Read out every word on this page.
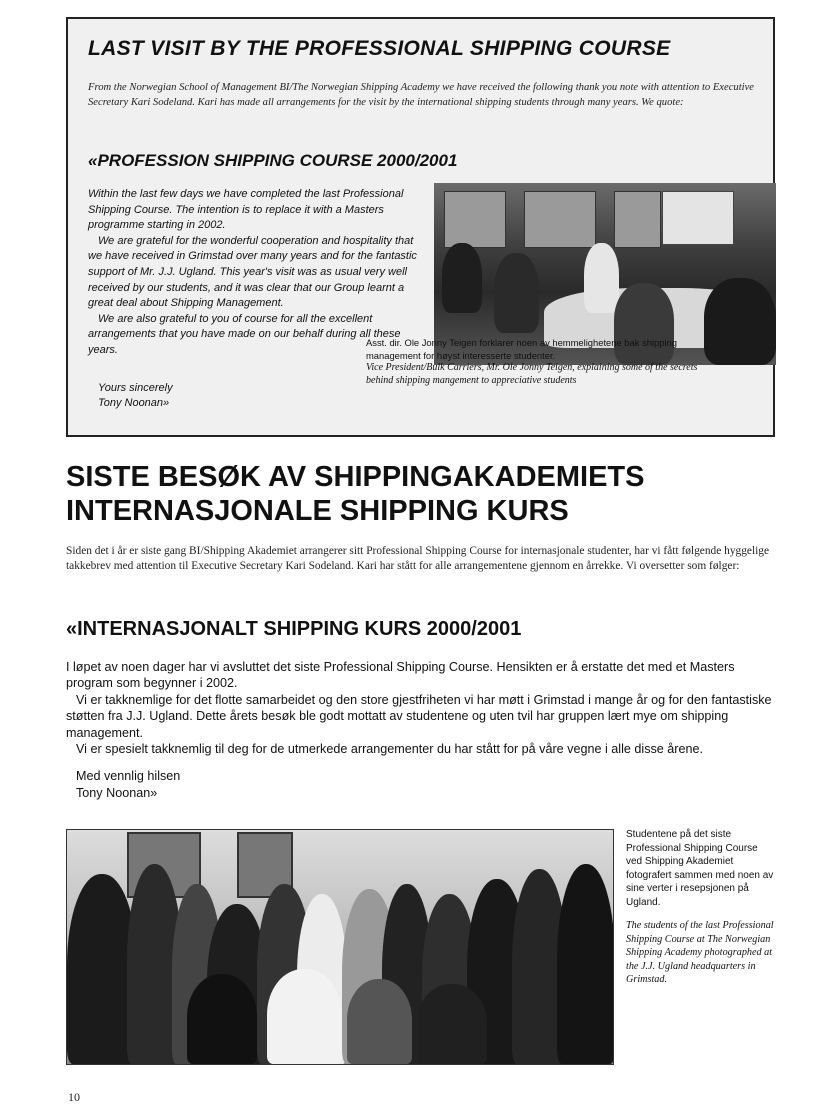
LAST VISIT BY THE PROFESSIONAL SHIPPING COURSE

From the Norwegian School of Management BI/The Norwegian Shipping Academy we have received the following thank you note with attention to Executive Secretary Kari Sodeland. Kari has made all arrangements for the visit by the international shipping students through many years. We quote:

«PROFESSION SHIPPING COURSE 2000/2001

Within the last few days we have completed the last Professional Shipping Course. The intention is to replace it with a Masters programme starting in 2002.

We are grateful for the wonderful cooperation and hospitality that we have received in Grimstad over many years and for the fantastic support of Mr. J.J. Ugland. This year's visit was as usual very well received by our students, and it was clear that our Group learnt a great deal about Shipping Management.

We are also grateful to you of course for all the excellent arrangements that you have made on our behalf during all these years.

Yours sincerely

Tony Noonan»

Asst. dir. Ole Jonny Teigen forklarer noen av hemmelighetene bak shipping management for høyst interesserte studenter.

Vice President/Bulk Carriers, Mr. Ole Jonny Teigen, explaining some of the secrets behind shipping mangement to appreciative students

SISTE BESØK AV SHIPPINGAKADEMIETS INTERNASJONALE SHIPPING KURS

Siden det i år er siste gang BI/Shipping Akademiet arrangerer sitt Professional Shipping Course for internasjonale studenter, har vi fått følgende hyggelige takkebrev med attention til Executive Secretary Kari Sodeland. Kari har stått for alle arrangementene gjennom en årrekke. Vi oversetter som følger:

«INTERNASJONALT SHIPPING KURS 2000/2001

I løpet av noen dager har vi avsluttet det siste Professional Shipping Course. Hensikten er å erstatte det med et Masters program som begynner i 2002.

Vi er takknemlige for det flotte samarbeidet og den store gjestfriheten vi har møtt i Grimstad i mange år og for den fantastiske støtten fra J.J. Ugland. Dette årets besøk ble godt mottatt av studentene og uten tvil har gruppen lært mye om shipping management.

Vi er spesielt takknemlig til deg for de utmerkede arrangementer du har stått for på våre vegne i alle disse årene.

Med vennlig hilsen

Tony Noonan»

Studentene på det siste Professional Shipping Course ved Shipping Akademiet fotografert sammen med noen av sine verter i resepsjonen på Ugland.

The students of the last Professional Shipping Course at The Norwegian Shipping Academy photographed at the J.J. Ugland headquarters in Grimstad.

10
